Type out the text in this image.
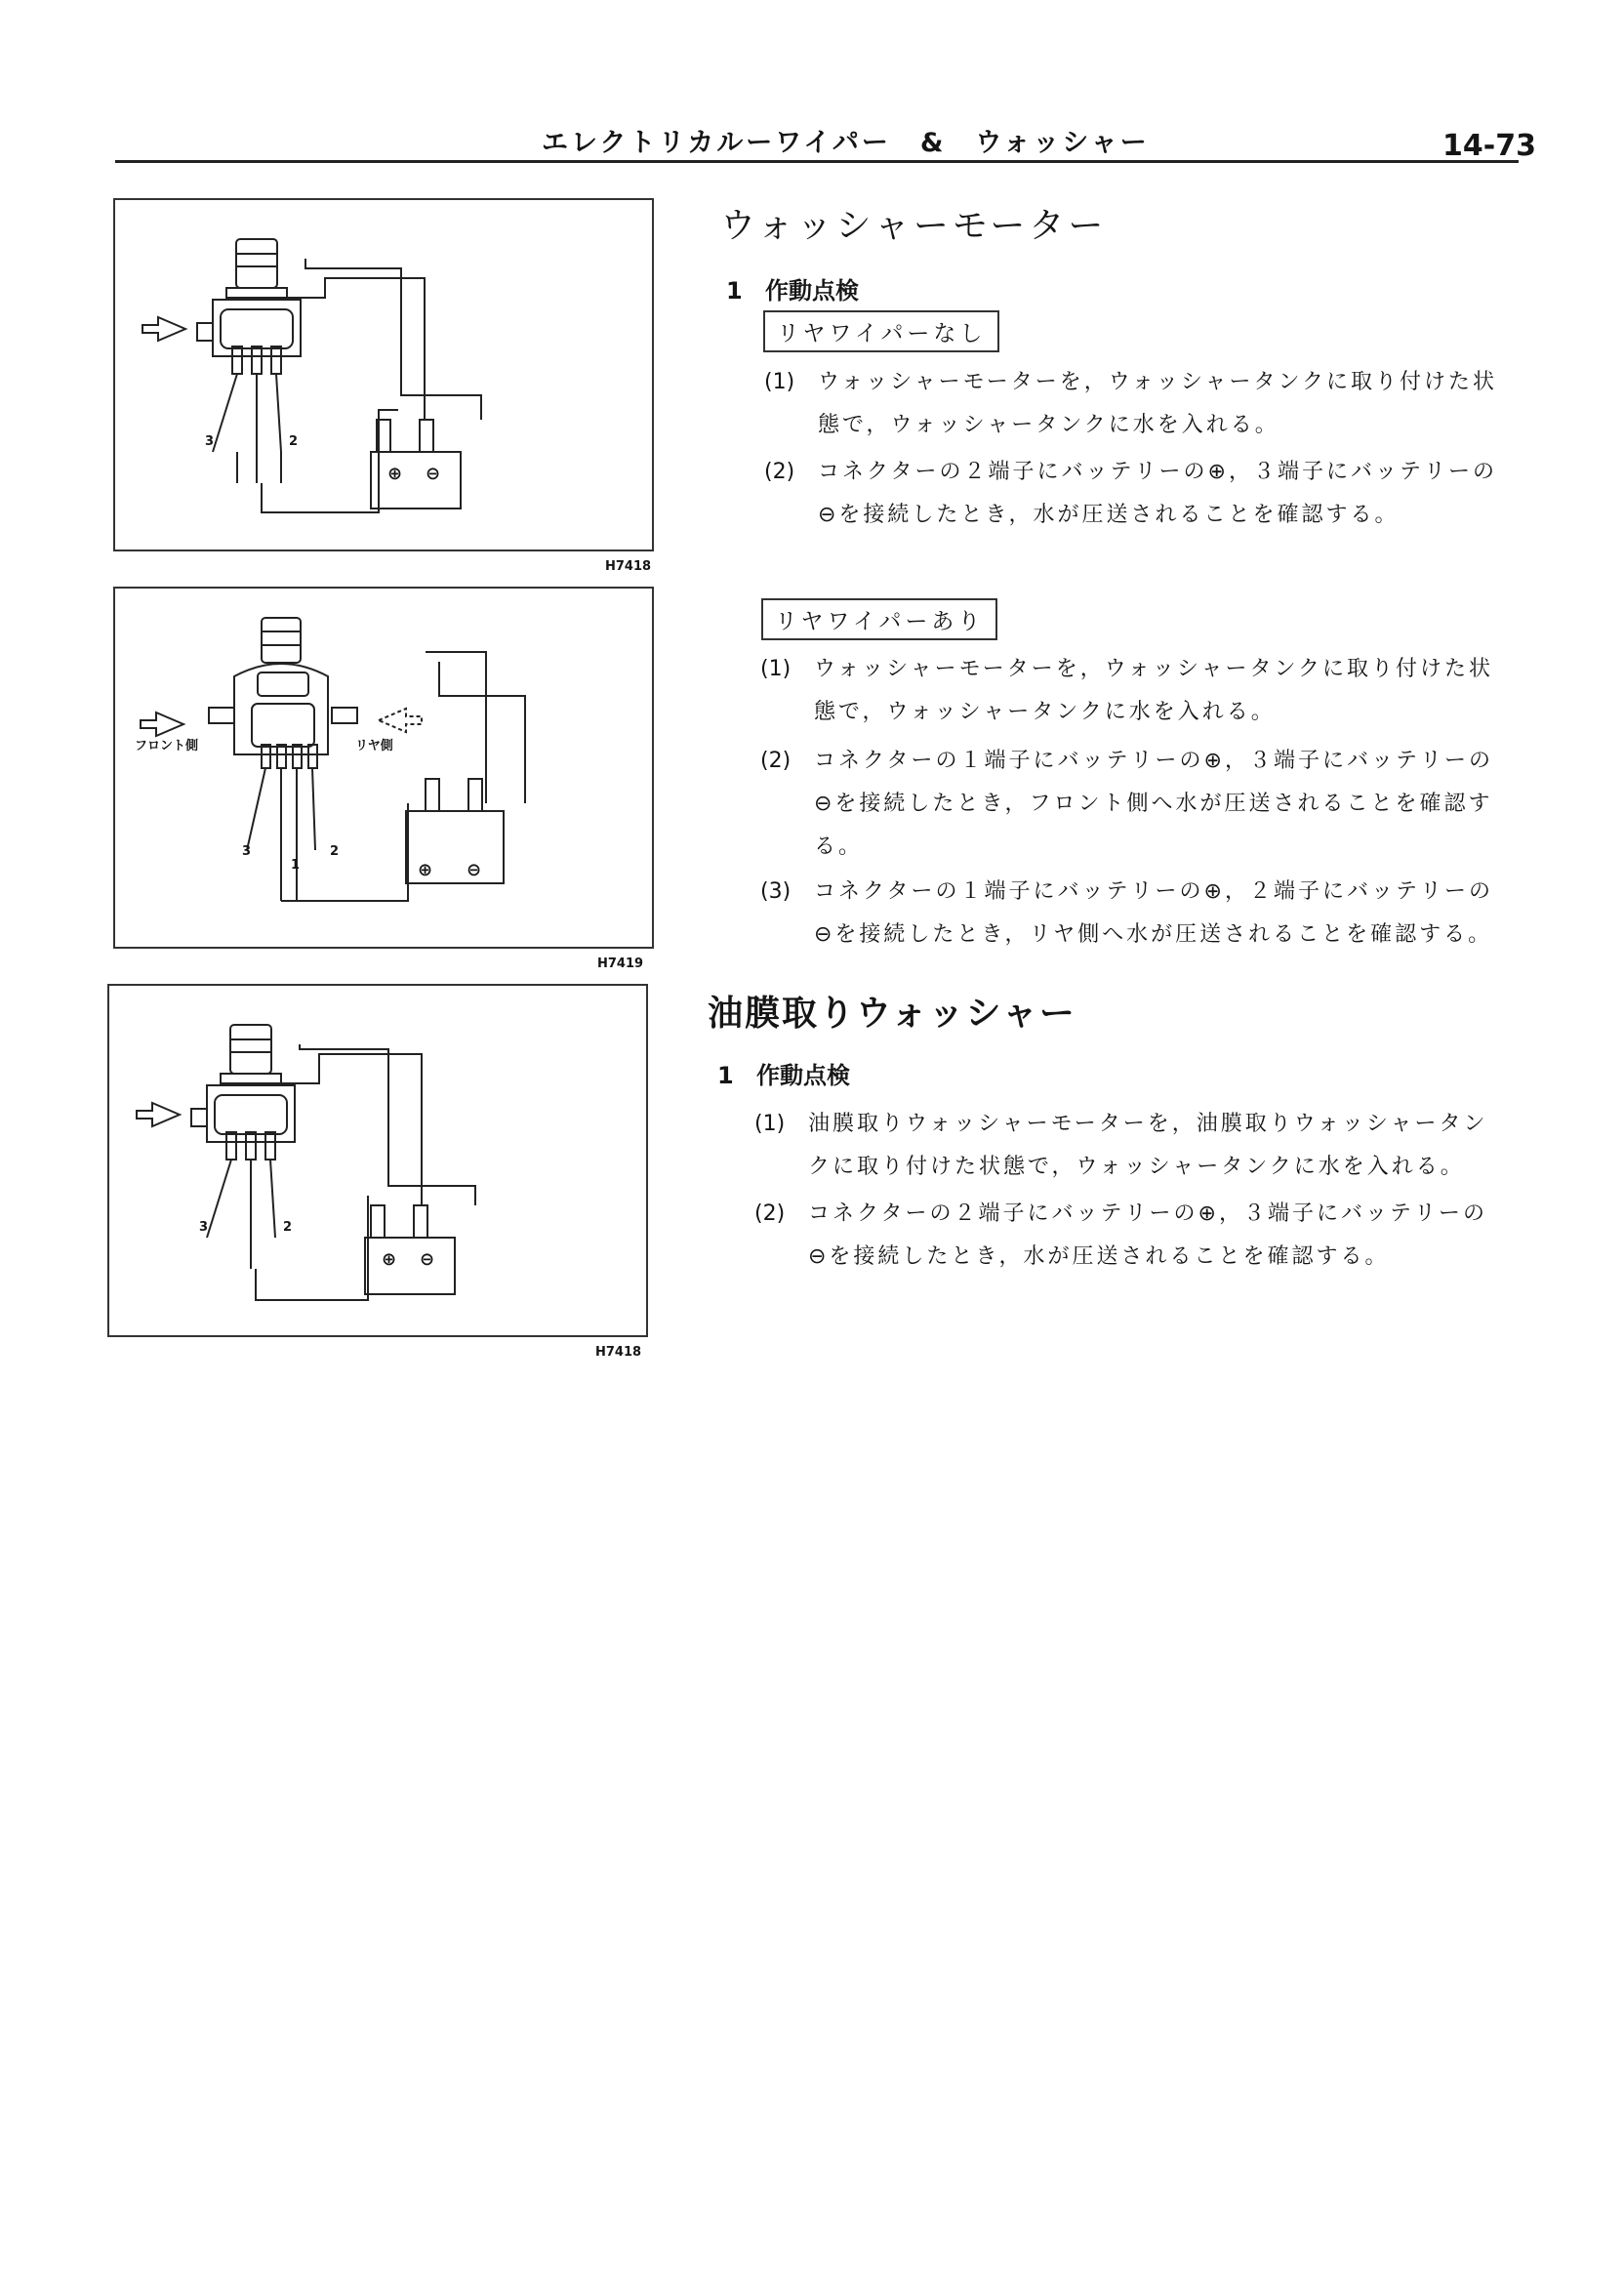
エレクトリカルーワイパー　&　ウォッシャー	14-73
3	2
⊕ ⊖
H7418
フロント側	リヤ側
3
1
2
⊕ ⊖
H7419
3	2
⊕ ⊖
H7418
ウォッシャーモーター
1 作動点検
リヤワイパーなし
(1) ウォッシャーモーターを，ウォッシャータンクに取り付けた状
態で，ウォッシャータンクに水を入れる。
(2) コネクターの２端子にバッテリーの⊕，３端子にバッテリーの
⊖を接続したとき，水が圧送されることを確認する。
リヤワイパーあり
(1) ウォッシャーモーターを，ウォッシャータンクに取り付けた状
態で，ウォッシャータンクに水を入れる。
(2) コネクターの１端子にバッテリーの⊕，３端子にバッテリーの
⊖を接続したとき，フロント側へ水が圧送されることを確認す
る。
(3) コネクターの１端子にバッテリーの⊕，２端子にバッテリーの
⊖を接続したとき，リヤ側へ水が圧送されることを確認する。
油膜取りウォッシャー
1 作動点検
(1) 油膜取りウォッシャーモーターを，油膜取りウォッシャータン
クに取り付けた状態で，ウォッシャータンクに水を入れる。
(2) コネクターの２端子にバッテリーの⊕，３端子にバッテリーの
⊖を接続したとき，水が圧送されることを確認する。
